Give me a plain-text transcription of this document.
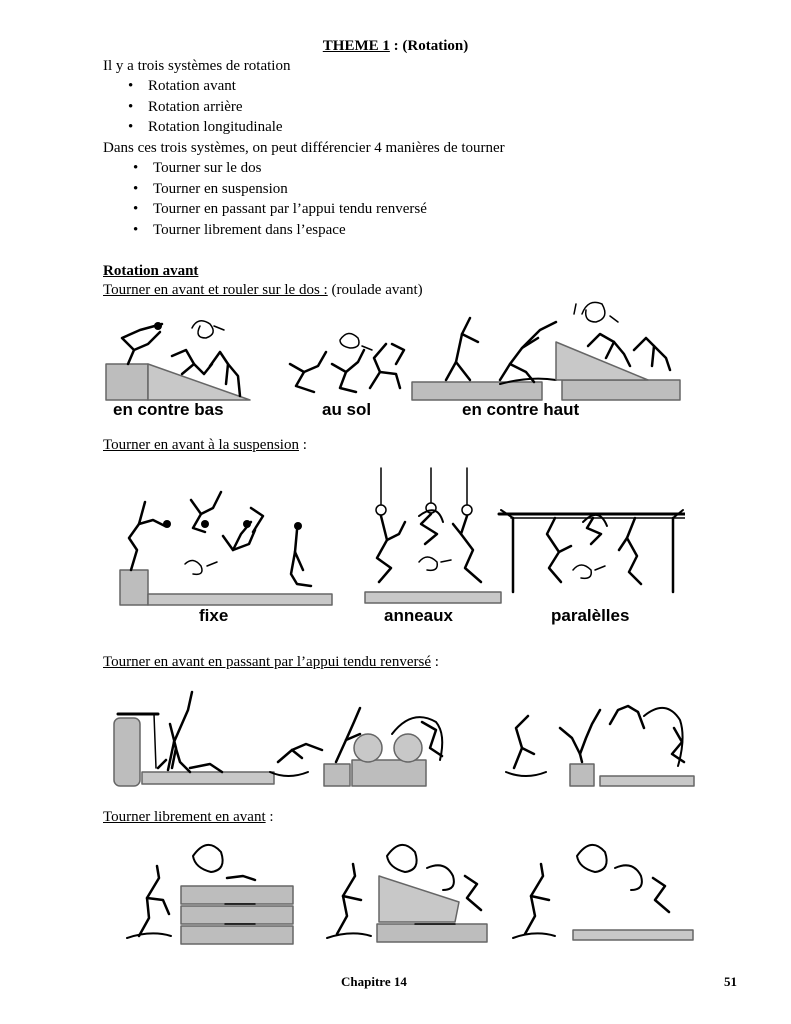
THEME 1 : (Rotation)
Il y a trois systèmes de rotation
• Rotation avant
• Rotation arrière
• Rotation longitudinale
Dans ces trois systèmes, on peut différencier 4 manières de tourner
• Tourner sur le dos
• Tourner en suspension
• Tourner en passant par l’appui tendu renversé
• Tourner librement dans l’espace
Rotation avant
Tourner en avant et rouler sur le dos : (roulade avant)
en contre bas	au sol	en contre haut
Tourner en avant à la suspension :
fixe	anneaux	paralèlles
Tourner en avant en passant par l’appui tendu renversé :
Tourner librement en avant :
Chapitre 14	51
